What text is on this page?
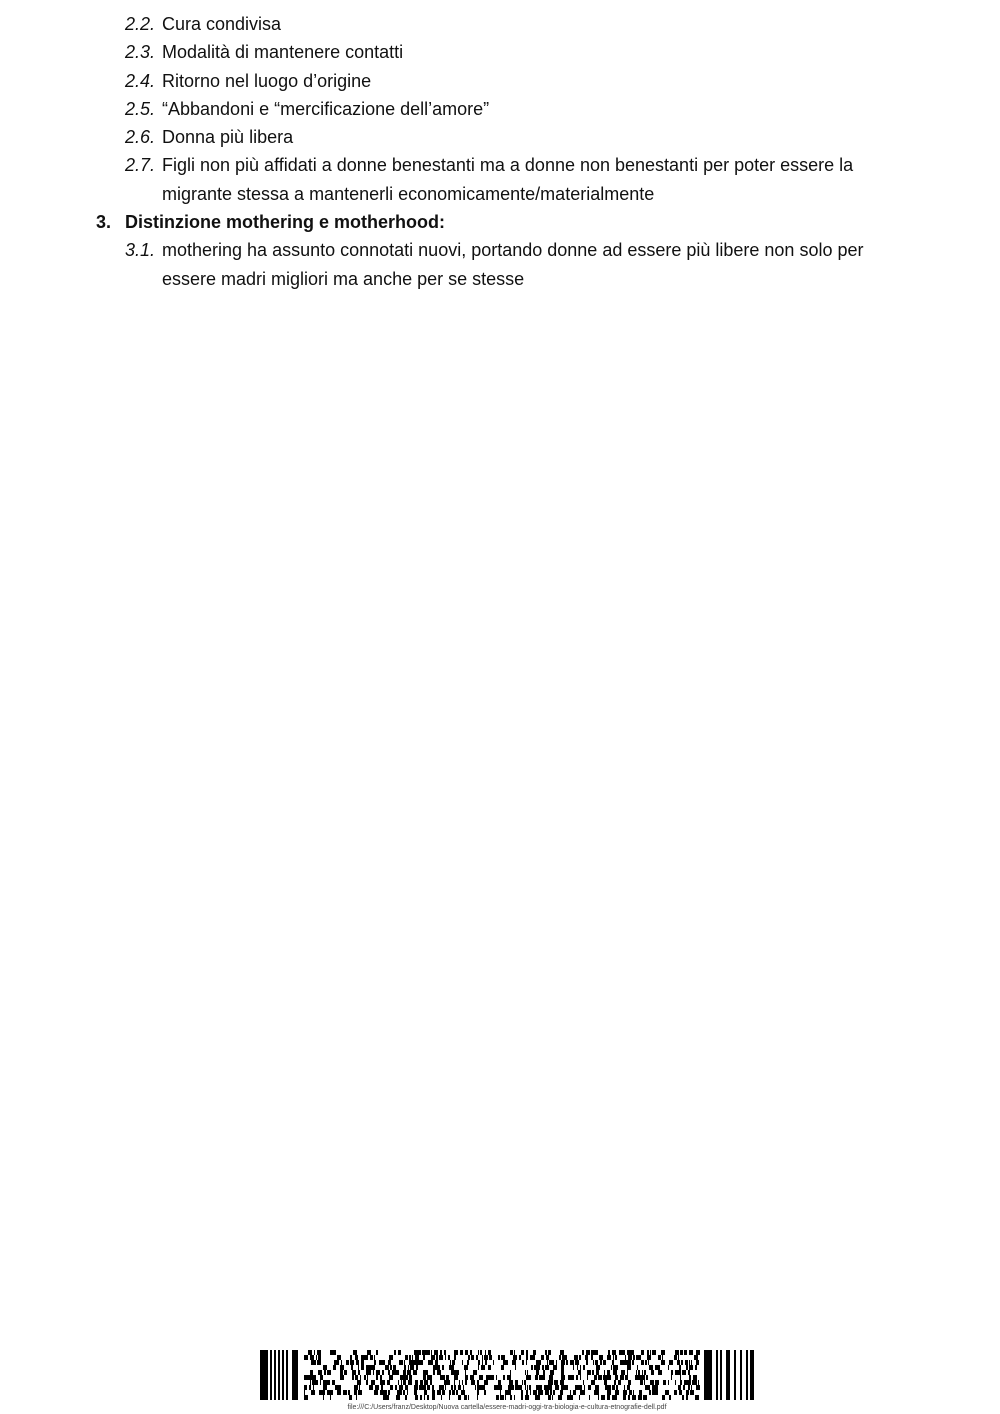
2.2. Cura condivisa
2.3. Modalità di mantenere contatti
2.4. Ritorno nel luogo d’origine
2.5. “Abbandoni e “mercificazione dell’amore”
2.6. Donna più libera
2.7. Figli non più affidati a donne benestanti ma a donne non benestanti per poter essere la migrante stessa a mantenerli economicamente/materialmente
3. Distinzione mothering e motherhood:
3.1. mothering ha assunto connotati nuovi, portando donne ad essere più libere non solo per essere madri migliori ma anche per se stesse
file:///C:/Users/franz/Desktop/Nuova cartella/essere-madri-oggi-tra-biologia-e-cultura-etnografie-dell.pdf
